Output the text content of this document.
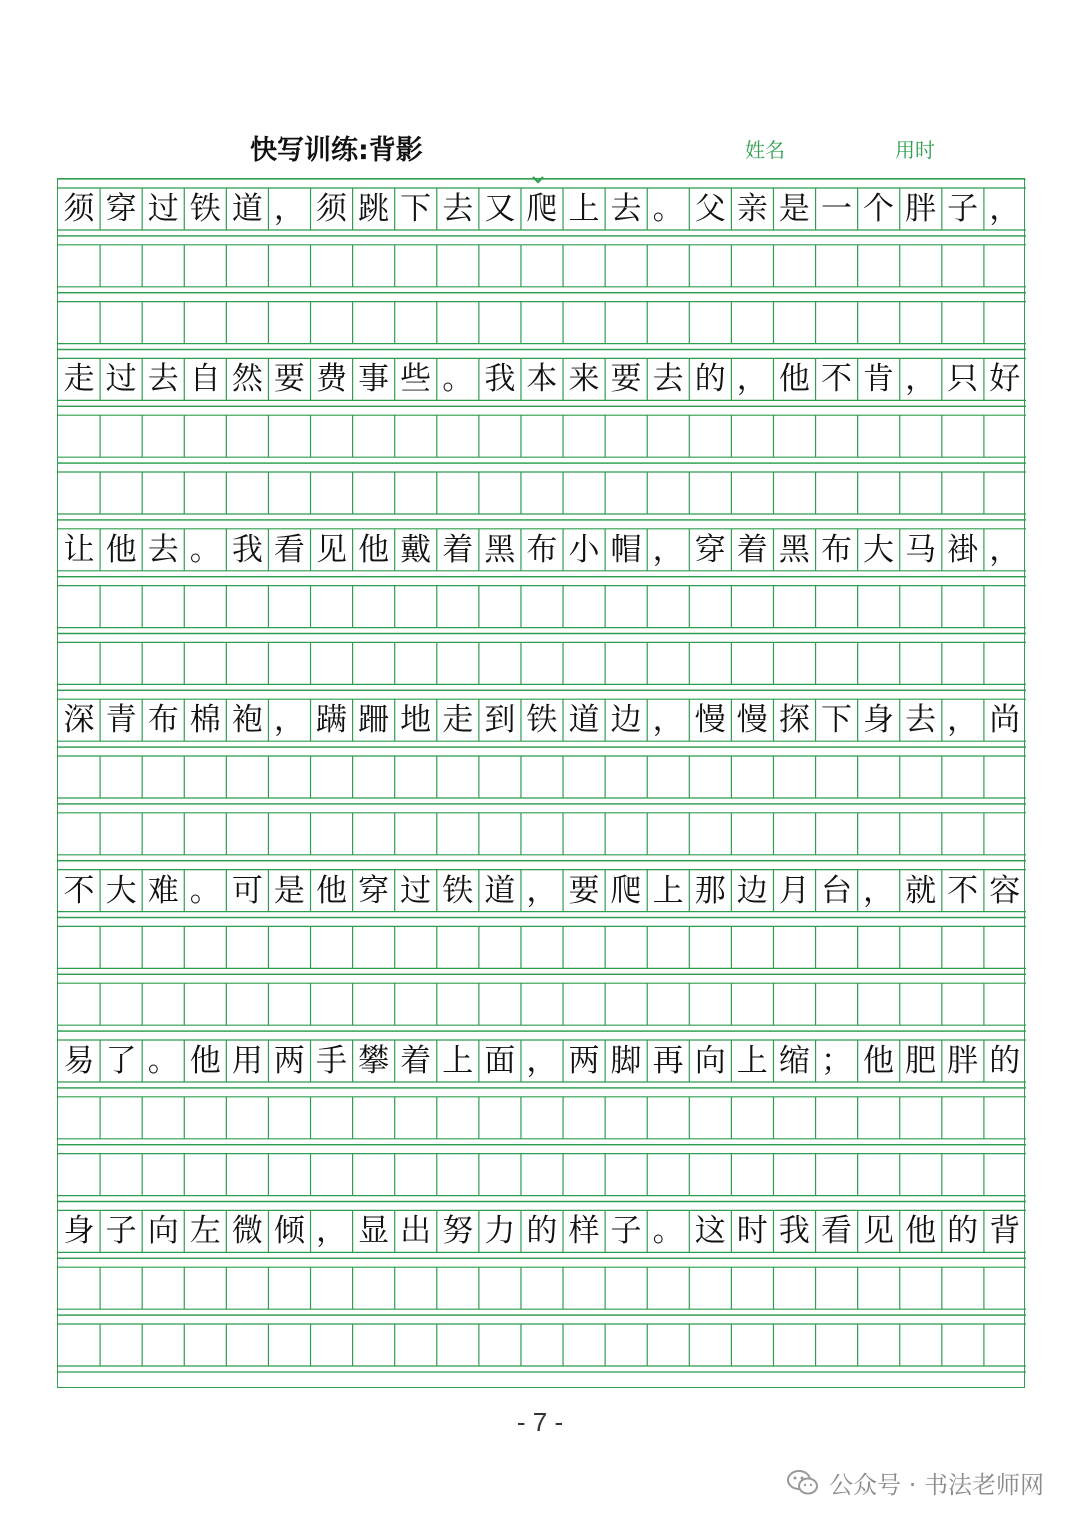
快写训练:背影	姓名	用时
须 穿 过 铁 道 ， 须 跳 下 去 又 爬 上 去 。 父 亲 是 一 个 胖 子 ，
走 过 去 自 然 要 费 事 些 。 我 本 来 要 去 的 ， 他 不 肯 ， 只 好
让 他 去 。 我 看 见 他 戴 着 黑 布 小 帽 ， 穿 着 黑 布 大 马 褂 ，
深 青 布 棉 袍 ， 蹒 跚 地 走 到 铁 道 边 ， 慢 慢 探 下 身 去 ， 尚
不 大 难 。 可 是 他 穿 过 铁 道 ， 要 爬 上 那 边 月 台 ， 就 不 容
易 了 。 他 用 两 手 攀 着 上 面 ， 两 脚 再 向 上 缩 ； 他 肥 胖 的
身 子 向 左 微 倾 ， 显 出 努 力 的 样 子 。 这 时 我 看 见 他 的 背
- 7 -
公众号 · 书法老师网
